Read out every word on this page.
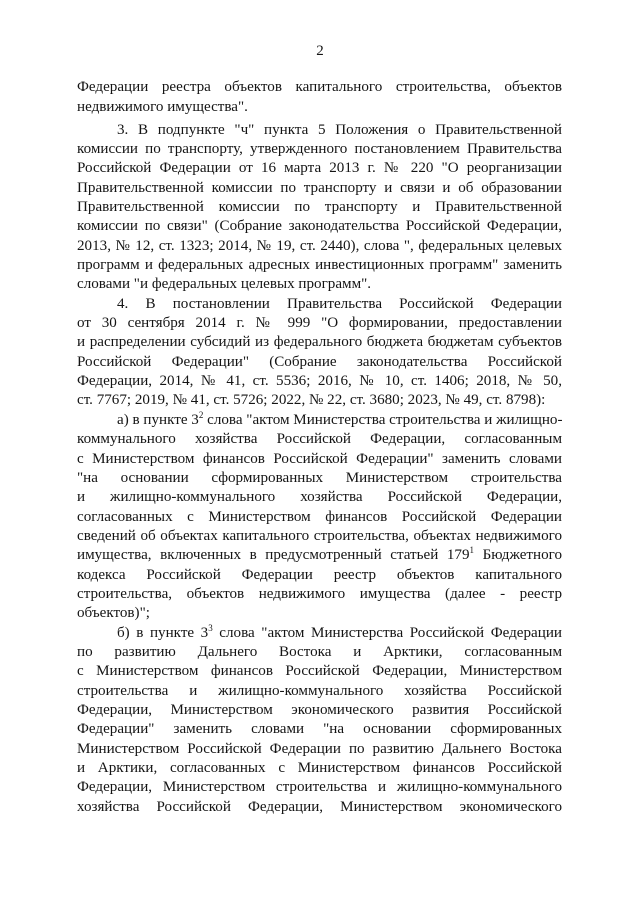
2
Федерации реестра объектов капитального строительства, объектов
недвижимого имущества".
3. В подпункте "ч" пункта 5 Положения о Правительственной
комиссии по транспорту, утвержденного постановлением Правительства
Российской Федерации от 16 марта 2013 г. № 220 "О реорганизации
Правительственной комиссии по транспорту и связи и об образовании
Правительственной комиссии по транспорту и Правительственной
комиссии по связи" (Собрание законодательства Российской Федерации,
2013, № 12, ст. 1323; 2014, № 19, ст. 2440), слова ", федеральных целевых
программ и федеральных адресных инвестиционных программ" заменить
словами "и федеральных целевых программ".
4. В постановлении Правительства Российской Федерации
от 30 сентября 2014 г. № 999 "О формировании, предоставлении
и распределении субсидий из федерального бюджета бюджетам субъектов
Российской Федерации" (Собрание законодательства Российской
Федерации, 2014, № 41, ст. 5536; 2016, № 10, ст. 1406; 2018, № 50,
ст. 7767; 2019, № 41, ст. 5726; 2022, № 22, ст. 3680; 2023, № 49, ст. 8798):
а) в пункте $3^2$ слова "актом Министерства строительства и жилищно-
коммунального хозяйства Российской Федерации, согласованным
с Министерством финансов Российской Федерации" заменить словами
"на основании сформированных Министерством строительства
и жилищно-коммунального хозяйства Российской Федерации,
согласованных с Министерством финансов Российской Федерации
сведений об объектах капитального строительства, объектах недвижимого
имущества, включенных в предусмотренный статьей $179^1$ Бюджетного
кодекса Российской Федерации реестр объектов капитального
строительства, объектов недвижимого имущества (далее - реестр
объектов)";
б) в пункте $3^3$ слова "актом Министерства Российской Федерации
по развитию Дальнего Востока и Арктики, согласованным
с Министерством финансов Российской Федерации, Министерством
строительства и жилищно-коммунального хозяйства Российской
Федерации, Министерством экономического развития Российской
Федерации" заменить словами "на основании сформированных
Министерством Российской Федерации по развитию Дальнего Востока
и Арктики, согласованных с Министерством финансов Российской
Федерации, Министерством строительства и жилищно-коммунального
хозяйства Российской Федерации, Министерством экономического
